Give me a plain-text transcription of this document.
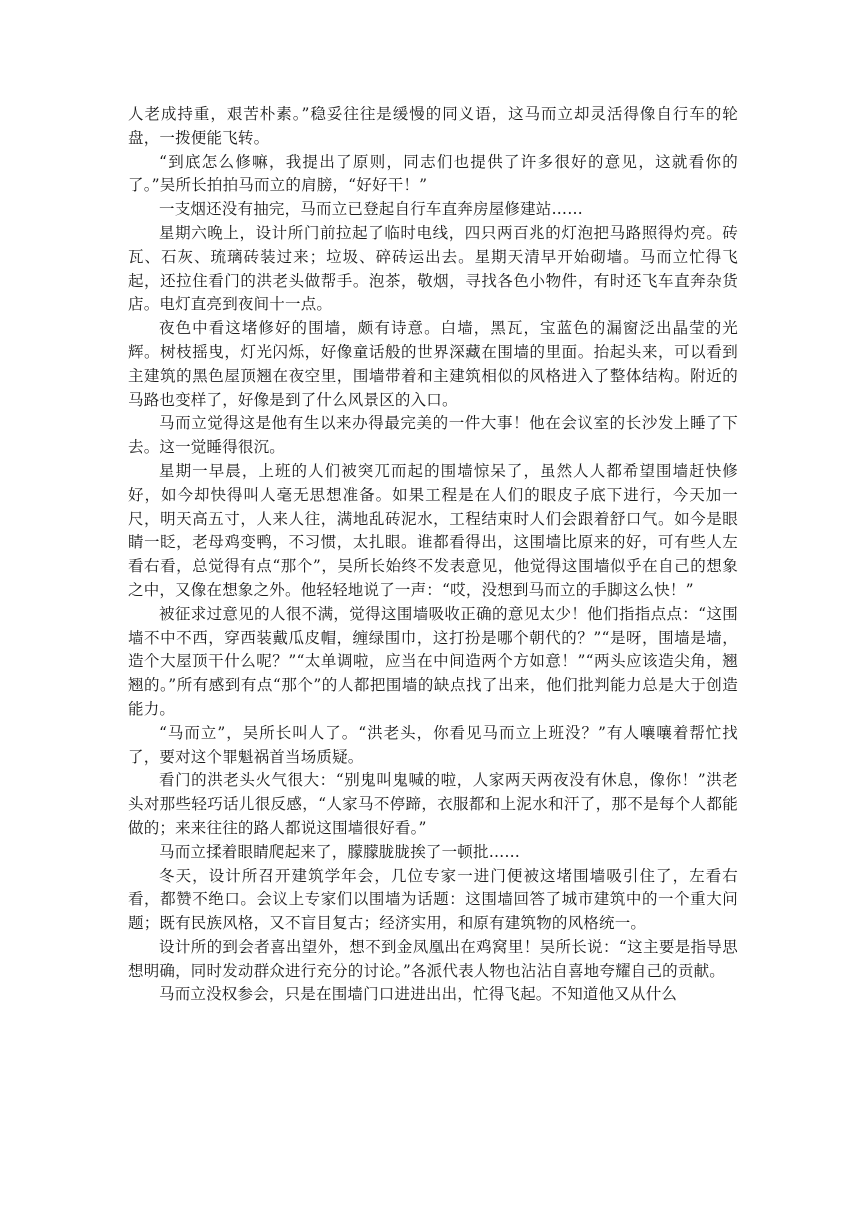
人老成持重，艰苦朴素。”稳妥往往是缓慢的同义语，这马而立却灵活得像自行车的轮盘，一拨便能飞转。

“到底怎么修嘛，我提出了原则，同志们也提供了许多很好的意见，这就看你的了。”吴所长拍拍马而立的肩膀，“好好干！”

一支烟还没有抽完，马而立已登起自行车直奔房屋修建站……

星期六晚上，设计所门前拉起了临时电线，四只两百兆的灯泡把马路照得灼亮。砖瓦、石灰、琉璃砖装过来；垃圾、碎砖运出去。星期天清早开始砌墙。马而立忙得飞起，还拉住看门的洪老头做帮手。泡茶，敬烟，寻找各色小物件，有时还飞车直奔杂货店。电灯直亮到夜间十一点。

夜色中看这堵修好的围墙，颇有诗意。白墙，黑瓦，宝蓝色的漏窗泛出晶莹的光辉。树枝摇曳，灯光闪烁，好像童话般的世界深藏在围墙的里面。抬起头来，可以看到主建筑的黑色屋顶翘在夜空里，围墙带着和主建筑相似的风格进入了整体结构。附近的马路也变样了，好像是到了什么风景区的入口。

马而立觉得这是他有生以来办得最完美的一件大事！他在会议室的长沙发上睡了下去。这一觉睡得很沉。

星期一早晨，上班的人们被突兀而起的围墙惊呆了，虽然人人都希望围墙赶快修好，如今却快得叫人毫无思想准备。如果工程是在人们的眼皮子底下进行，今天加一尺，明天高五寸，人来人往，满地乱砖泥水，工程结束时人们会跟着舒口气。如今是眼睛一眨，老母鸡变鸭，不习惯，太扎眼。谁都看得出，这围墙比原来的好，可有些人左看右看，总觉得有点“那个”，吴所长始终不发表意见，他觉得这围墙似乎在自己的想象之中，又像在想象之外。他轻轻地说了一声：“哎，没想到马而立的手脚这么快！”

被征求过意见的人很不满，觉得这围墙吸收正确的意见太少！他们指指点点：“这围墙不中不西，穿西装戴瓜皮帽，缠绿围巾，这打扮是哪个朝代的？”“是呀，围墙是墙，造个大屋顶干什么呢？”“太单调啦，应当在中间造两个方如意！”“两头应该造尖角，翘翘的。”所有感到有点“那个”的人都把围墙的缺点找了出来，他们批判能力总是大于创造能力。

“马而立”，吴所长叫人了。“洪老头，你看见马而立上班没？”有人嚷嚷着帮忙找了，要对这个罪魁祸首当场质疑。

看门的洪老头火气很大：“别鬼叫鬼喊的啦，人家两天两夜没有休息，像你！”洪老头对那些轻巧话儿很反感，“人家马不停蹄，衣服都和上泥水和汗了，那不是每个人都能做的；来来往往的路人都说这围墙很好看。”

马而立揉着眼睛爬起来了，朦朦胧胧挨了一顿批……

冬天，设计所召开建筑学年会，几位专家一进门便被这堵围墙吸引住了，左看右看，都赞不绝口。会议上专家们以围墙为话题：这围墙回答了城市建筑中的一个重大问题；既有民族风格，又不盲目复古；经济实用，和原有建筑物的风格统一。

设计所的到会者喜出望外，想不到金凤凰出在鸡窝里！吴所长说：“这主要是指导思想明确，同时发动群众进行充分的讨论。”各派代表人物也沾沾自喜地夸耀自己的贡献。

马而立没权参会，只是在围墙门口进进出出，忙得飞起。不知道他又从什么
